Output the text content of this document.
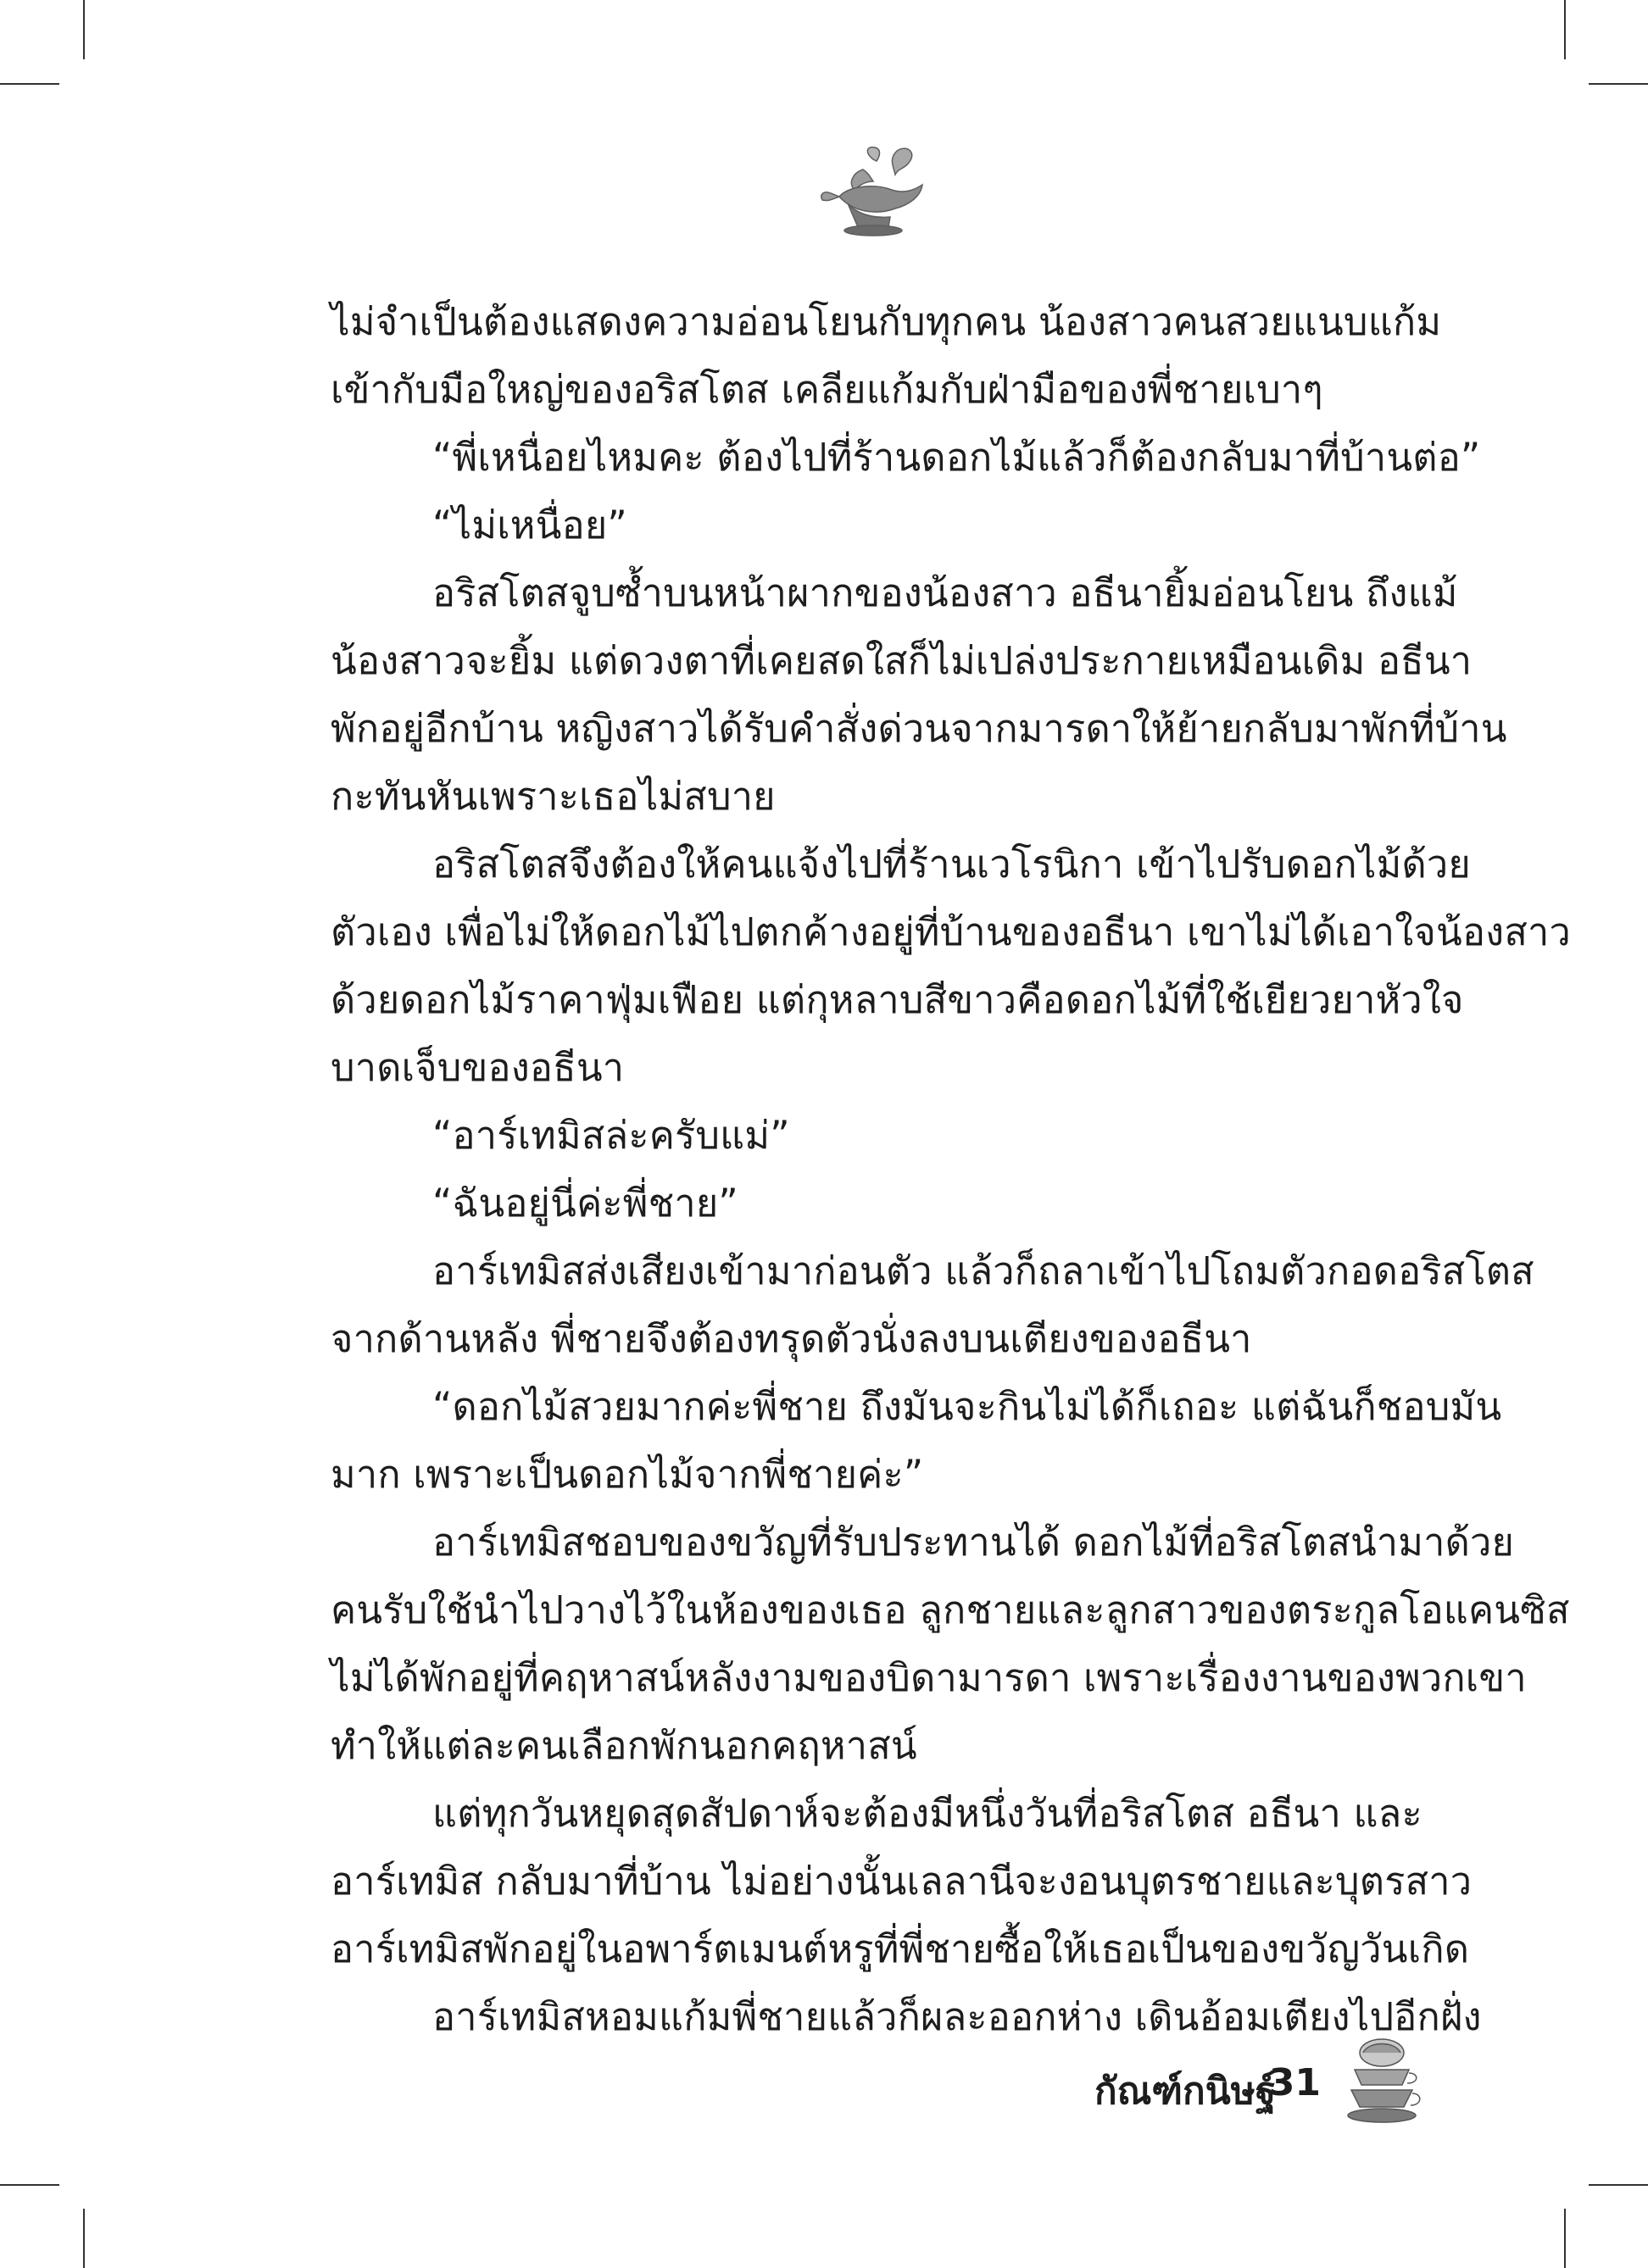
ไม่จำเป็นต้องแสดงความอ่อนโยนกับทุกคน น้องสาวคนสวยแนบแก้ม
เข้ากับมือใหญ่ของอริสโตส เคลียแก้มกับฝ่ามือของพี่ชายเบาๆ
“พี่เหนื่อยไหมคะ ต้องไปที่ร้านดอกไม้แล้วก็ต้องกลับมาที่บ้านต่อ”
“ไม่เหนื่อย”
อริสโตสจูบซ้ำบนหน้าผากของน้องสาว อธีนายิ้มอ่อนโยน ถึงแม้
น้องสาวจะยิ้ม แต่ดวงตาที่เคยสดใสก็ไม่เปล่งประกายเหมือนเดิม อธีนา
พักอยู่อีกบ้าน หญิงสาวได้รับคำสั่งด่วนจากมารดาให้ย้ายกลับมาพักที่บ้าน
กะทันหันเพราะเธอไม่สบาย
อริสโตสจึงต้องให้คนแจ้งไปที่ร้านเวโรนิกา เข้าไปรับดอกไม้ด้วย
ตัวเอง เพื่อไม่ให้ดอกไม้ไปตกค้างอยู่ที่บ้านของอธีนา เขาไม่ได้เอาใจน้องสาว
ด้วยดอกไม้ราคาฟุ่มเฟือย แต่กุหลาบสีขาวคือดอกไม้ที่ใช้เยียวยาหัวใจ
บาดเจ็บของอธีนา
“อาร์เทมิสล่ะครับแม่”
“ฉันอยู่นี่ค่ะพี่ชาย”
อาร์เทมิสส่งเสียงเข้ามาก่อนตัว แล้วก็ถลาเข้าไปโถมตัวกอดอริสโตส
จากด้านหลัง พี่ชายจึงต้องทรุดตัวนั่งลงบนเตียงของอธีนา
“ดอกไม้สวยมากค่ะพี่ชาย ถึงมันจะกินไม่ได้ก็เถอะ แต่ฉันก็ชอบมัน
มาก เพราะเป็นดอกไม้จากพี่ชายค่ะ”
อาร์เทมิสชอบของขวัญที่รับประทานได้ ดอกไม้ที่อริสโตสนำมาด้วย
คนรับใช้นำไปวางไว้ในห้องของเธอ ลูกชายและลูกสาวของตระกูลโอแคนซิส
ไม่ได้พักอยู่ที่คฤหาสน์หลังงามของบิดามารดา เพราะเรื่องงานของพวกเขา
ทำให้แต่ละคนเลือกพักนอกคฤหาสน์
แต่ทุกวันหยุดสุดสัปดาห์จะต้องมีหนึ่งวันที่อริสโตส อธีนา และ
อาร์เทมิส กลับมาที่บ้าน ไม่อย่างนั้นเลลานีจะงอนบุตรชายและบุตรสาว
อาร์เทมิสพักอยู่ในอพาร์ตเมนต์หรูที่พี่ชายซื้อให้เธอเป็นของขวัญวันเกิด
อาร์เทมิสหอมแก้มพี่ชายแล้วก็ผละออกห่าง เดินอ้อมเตียงไปอีกฝั่ง
กัณฑ์กนิษฐ์
31
